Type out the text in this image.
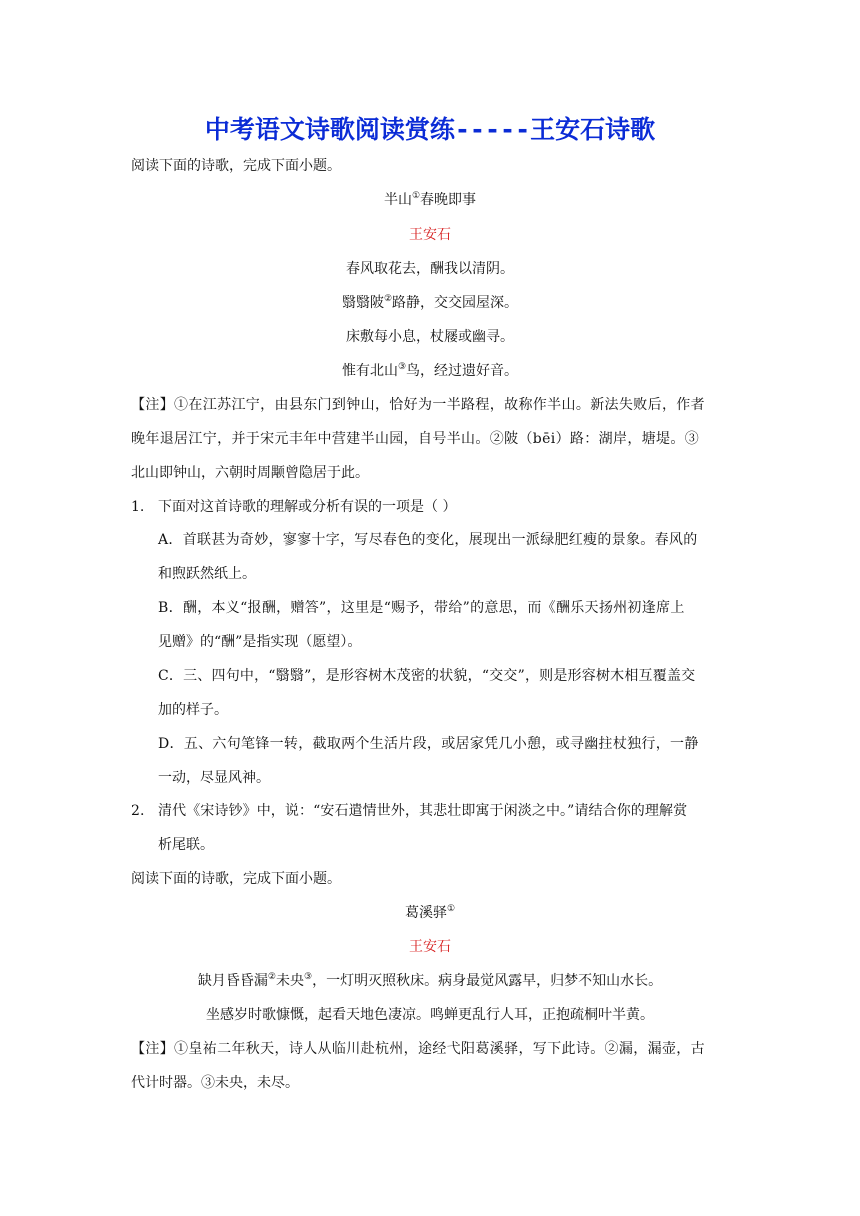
中考语文诗歌阅读赏练-----王安石诗歌
阅读下面的诗歌，完成下面小题。
半山①春晚即事
王安石
春风取花去，酬我以清阴。
翳翳陂②路静，交交园屋深。
床敷每小息，杖屦或幽寻。
惟有北山③鸟，经过遗好音。
【注】①在江苏江宁，由县东门到钟山，恰好为一半路程，故称作半山。新法失败后，作者
晚年退居江宁，并于宋元丰年中营建半山园，自号半山。②陂（bēi）路：湖岸，塘堤。③
北山即钟山，六朝时周颙曾隐居于此。
1. 下面对这首诗歌的理解或分析有误的一项是（ ）
A．首联甚为奇妙，寥寥十字，写尽春色的变化，展现出一派绿肥红瘦的景象。春风的
和煦跃然纸上。
B．酬，本义“报酬，赠答”，这里是“赐予，带给”的意思，而《酬乐天扬州初逢席上
见赠》的“酬”是指实现（愿望）。
C．三、四句中，“翳翳”，是形容树木茂密的状貌，“交交”，则是形容树木相互覆盖交
加的样子。
D．五、六句笔锋一转，截取两个生活片段，或居家凭几小憩，或寻幽拄杖独行，一静
一动，尽显风神。
2. 清代《宋诗钞》中，说：“安石遣情世外，其悲壮即寓于闲淡之中。”请结合你的理解赏
析尾联。
阅读下面的诗歌，完成下面小题。
葛溪驿①
王安石
缺月昏昏漏②未央③，一灯明灭照秋床。病身最觉风露早，归梦不知山水长。
坐感岁时歌慷慨，起看天地色凄凉。鸣蝉更乱行人耳，正抱疏桐叶半黄。
【注】①皇祐二年秋天，诗人从临川赴杭州，途经弋阳葛溪驿，写下此诗。②漏，漏壶，古
代计时器。③未央，未尽。
